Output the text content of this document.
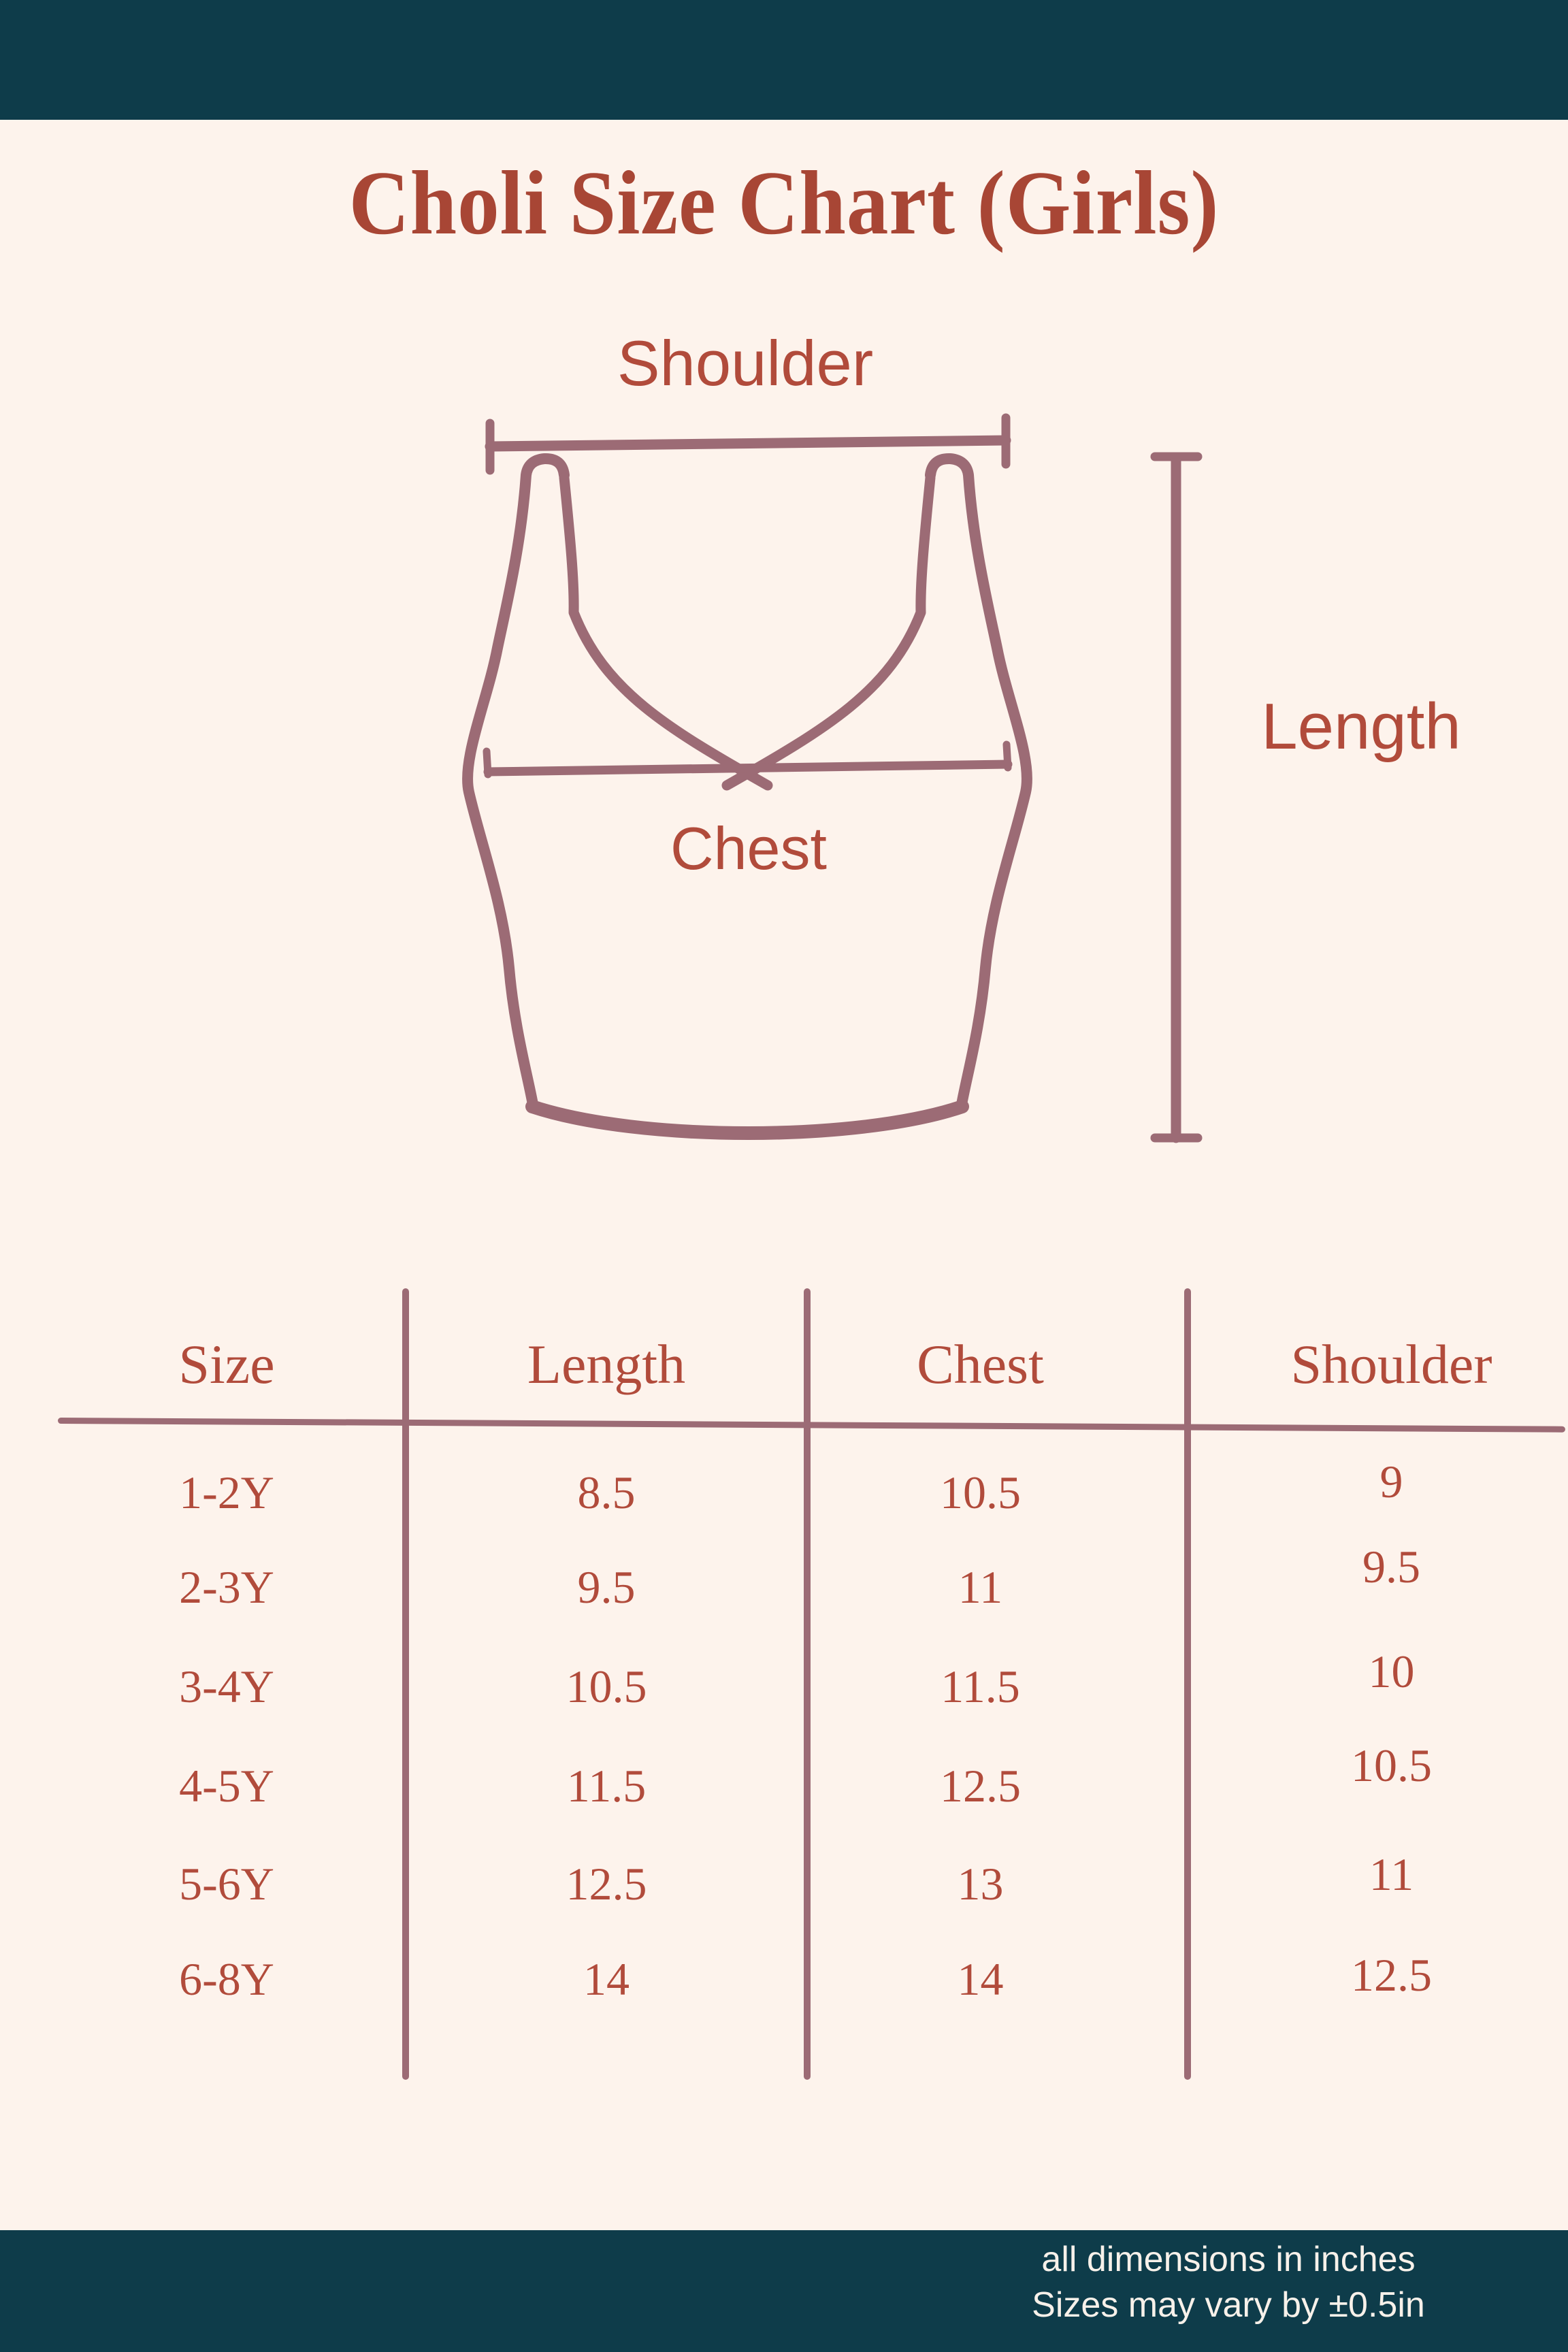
Choli Size Chart (Girls)
Shoulder
Chest
Length
Size	Length	Chest	Shoulder
1-2Y	8.5	10.5	9
2-3Y	9.5	11	9.5
3-4Y	10.5	11.5	10
4-5Y	11.5	12.5	10.5
5-6Y	12.5	13	11
6-8Y	14	14	12.5
all dimensions in inches
Sizes may vary by ±0.5in
